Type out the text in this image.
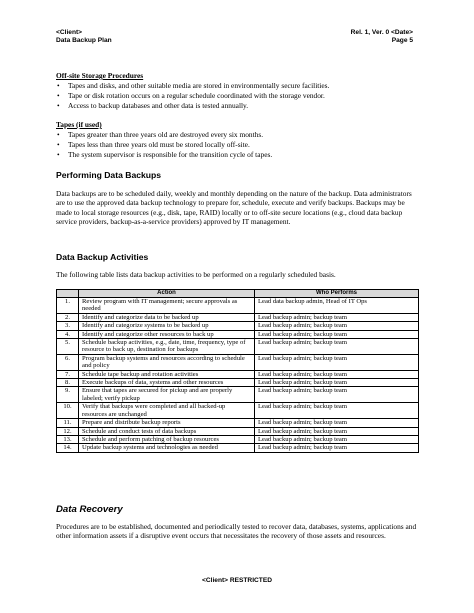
<Client>
Data Backup Plan
Rel. 1, Ver. 0 <Date>
Page 5
Off-site Storage Procedures
• Tapes and disks, and other suitable media are stored in environmentally secure facilities.
• Tape or disk rotation occurs on a regular schedule coordinated with the storage vendor.
• Access to backup databases and other data is tested annually.
Tapes (if used)
• Tapes greater than three years old are destroyed every six months.
• Tapes less than three years old must be stored locally off-site.
• The system supervisor is responsible for the transition cycle of tapes.
Performing Data Backups
Data backups are to be scheduled daily, weekly and monthly depending on the nature of the backup. Data administrators are to use the approved data backup technology to prepare for, schedule, execute and verify backups. Backups may be made to local storage resources (e.g., disk, tape, RAID) locally or to off-site secure locations (e.g., cloud data backup service providers, backup-as-a-service providers) approved by IT management.
Data Backup Activities
The following table lists data backup activities to be performed on a regularly scheduled basis.
	Action	Who Performs
1.	Review program with IT management; secure approvals as needed	Lead data backup admin, Head of IT Ops
2.	Identify and categorize data to be backed up	Lead backup admin; backup team
3.	Identify and categorize systems to be backed up	Lead backup admin; backup team
4.	Identify and categorize other resources to back up	Lead backup admin; backup team
5.	Schedule backup activities, e.g., date, time, frequency, type of resource to back up, destination for backups	Lead backup admin; backup team
6.	Program backup systems and resources according to schedule and policy	Lead backup admin; backup team
7.	Schedule tape backup and rotation activities	Lead backup admin; backup team
8.	Execute backups of data, systems and other resources	Lead backup admin; backup team
9.	Ensure that tapes are secured for pickup and are properly labeled; verify pickup	Lead backup admin; backup team
10.	Verify that backups were completed and all backed-up resources are unchanged	Lead backup admin; backup team
11.	Prepare and distribute backup reports	Lead backup admin; backup team
12.	Schedule and conduct tests of data backups	Lead backup admin; backup team
13.	Schedule and perform patching of backup resources	Lead backup admin; backup team
14.	Update backup systems and technologies as needed	Lead backup admin; backup team
Data Recovery
Procedures are to be established, documented and periodically tested to recover data, databases, systems, applications and other information assets if a disruptive event occurs that necessitates the recovery of those assets and resources.
<Client> RESTRICTED
